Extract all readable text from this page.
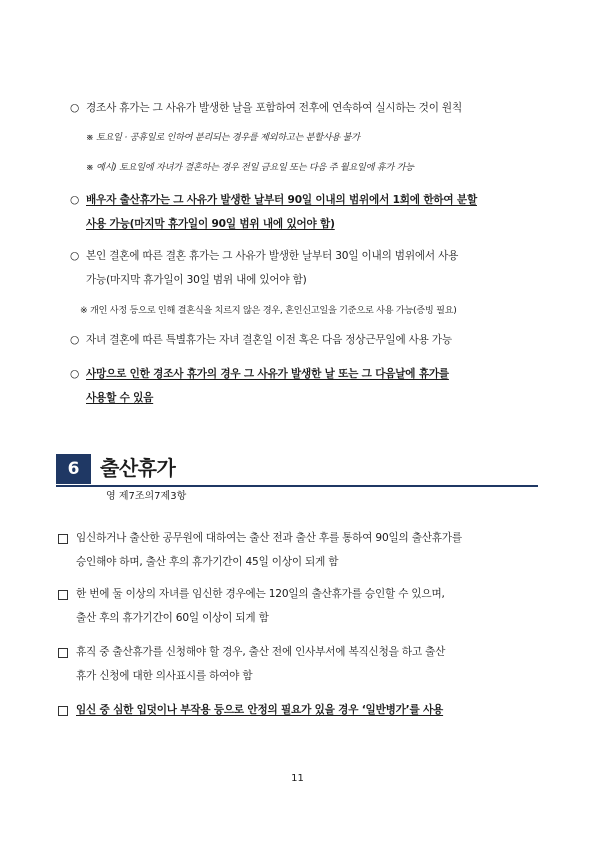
○ 경조사 휴가는 그 사유가 발생한 날을 포함하여 전후에 연속하여 실시하는 것이 원칙
※ 토요일 · 공휴일로 인하여 분리되는 경우를 제외하고는 분할사용 불가
※ 예시) 토요일에 자녀가 결혼하는 경우 전일 금요일 또는 다음 주 월요일에 휴가 가능
○ 배우자 출산휴가는 그 사유가 발생한 날부터 90일 이내의 범위에서 1회에 한하여 분할
사용 가능(마지막 휴가일이 90일 범위 내에 있어야 함)
○ 본인 결혼에 따른 결혼 휴가는 그 사유가 발생한 날부터 30일 이내의 범위에서 사용
가능(마지막 휴가일이 30일 범위 내에 있어야 함)
※ 개인 사정 등으로 인해 결혼식을 치르지 않은 경우, 혼인신고일을 기준으로 사용 가능(증빙 필요)
○ 자녀 결혼에 따른 특별휴가는 자녀 결혼일 이전 혹은 다음 정상근무일에 사용 가능
○ 사망으로 인한 경조사 휴가의 경우 그 사유가 발생한 날 또는 그 다음날에 휴가를
사용할 수 있음
6	출산휴가
영 제7조의7제3항
임신하거나 출산한 공무원에 대하여는 출산 전과 출산 후를 통하여 90일의 출산휴가를
승인해야 하며, 출산 후의 휴가기간이 45일 이상이 되게 함
한 번에 둘 이상의 자녀를 임신한 경우에는 120일의 출산휴가를 승인할 수 있으며,
출산 후의 휴가기간이 60일 이상이 되게 함
휴직 중 출산휴가를 신청해야 할 경우, 출산 전에 인사부서에 복직신청을 하고 출산
휴가 신청에 대한 의사표시를 하여야 함
임신 중 심한 입덧이나 부작용 등으로 안정의 필요가 있을 경우 ‘일반병가’를 사용
11
